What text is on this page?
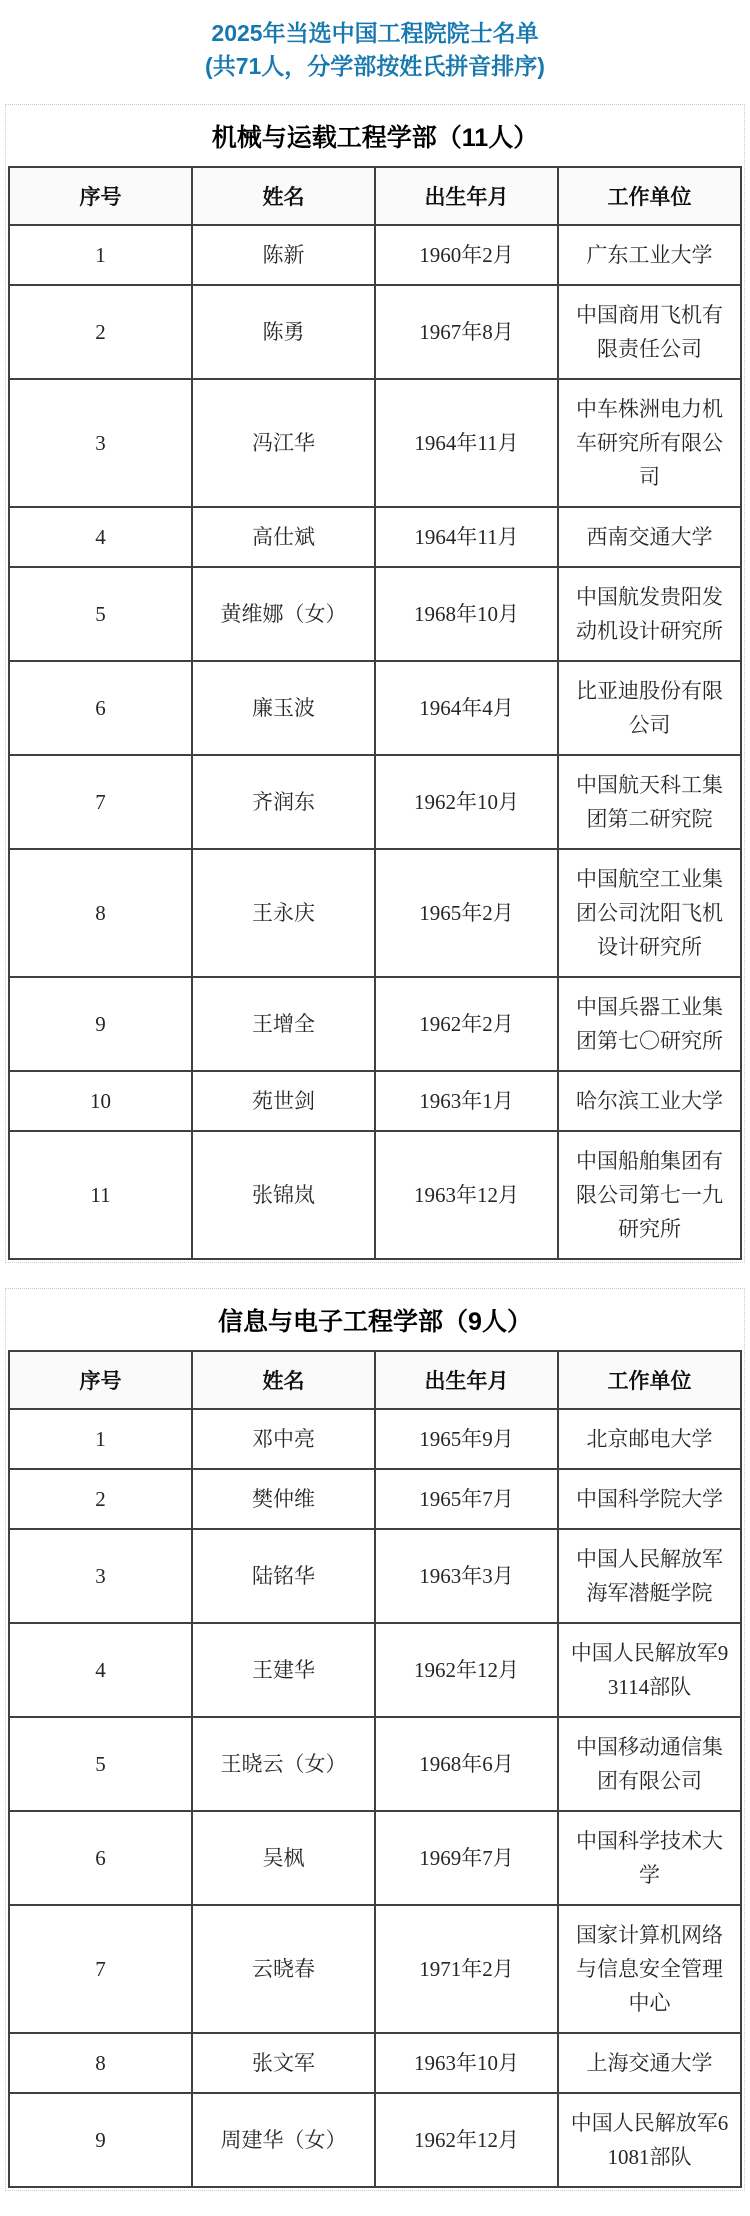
2025年当选中国工程院院士名单
(共71人，分学部按姓氏拼音排序)
机械与运载工程学部（11人）
序号	姓名	出生年月	工作单位
1	陈新	1960年2月	广东工业大学
2	陈勇	1967年8月	中国商用飞机有限责任公司
3	冯江华	1964年11月	中车株洲电力机车研究所有限公司
4	高仕斌	1964年11月	西南交通大学
5	黄维娜（女）	1968年10月	中国航发贵阳发动机设计研究所
6	廉玉波	1964年4月	比亚迪股份有限公司
7	齐润东	1962年10月	中国航天科工集团第二研究院
8	王永庆	1965年2月	中国航空工业集团公司沈阳飞机设计研究所
9	王增全	1962年2月	中国兵器工业集团第七〇研究所
10	苑世剑	1963年1月	哈尔滨工业大学
11	张锦岚	1963年12月	中国船舶集团有限公司第七一九研究所
信息与电子工程学部（9人）
序号	姓名	出生年月	工作单位
1	邓中亮	1965年9月	北京邮电大学
2	樊仲维	1965年7月	中国科学院大学
3	陆铭华	1963年3月	中国人民解放军海军潜艇学院
4	王建华	1962年12月	中国人民解放军93114部队
5	王晓云（女）	1968年6月	中国移动通信集团有限公司
6	吴枫	1969年7月	中国科学技术大学
7	云晓春	1971年2月	国家计算机网络与信息安全管理中心
8	张文军	1963年10月	上海交通大学
9	周建华（女）	1962年12月	中国人民解放军61081部队
